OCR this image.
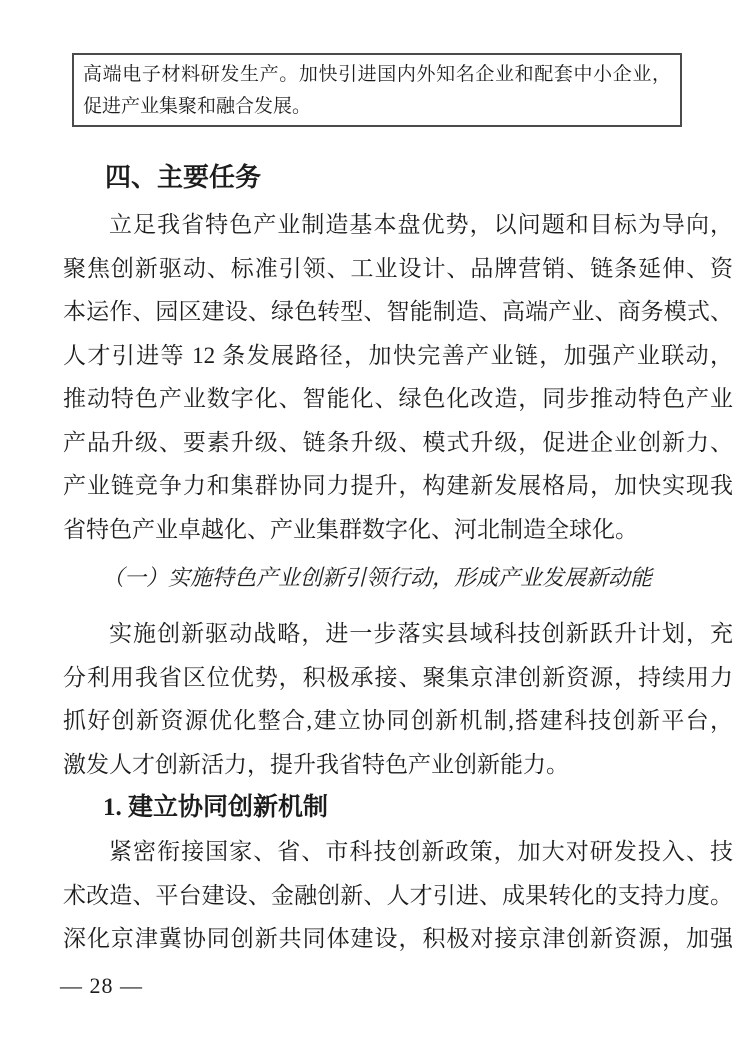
高端电子材料研发生产。加快引进国内外知名企业和配套中小企业，
促进产业集聚和融合发展。
四、主要任务
立足我省特色产业制造基本盘优势，以问题和目标为导向，
聚焦创新驱动、标准引领、工业设计、品牌营销、链条延伸、资
本运作、园区建设、绿色转型、智能制造、高端产业、商务模式、
人才引进等 12 条发展路径，加快完善产业链，加强产业联动，
推动特色产业数字化、智能化、绿色化改造，同步推动特色产业
产品升级、要素升级、链条升级、模式升级，促进企业创新力、
产业链竞争力和集群协同力提升，构建新发展格局，加快实现我
省特色产业卓越化、产业集群数字化、河北制造全球化。
（一）实施特色产业创新引领行动，形成产业发展新动能
实施创新驱动战略，进一步落实县域科技创新跃升计划，充
分利用我省区位优势，积极承接、聚集京津创新资源，持续用力
抓好创新资源优化整合,建立协同创新机制,搭建科技创新平台，
激发人才创新活力，提升我省特色产业创新能力。
1. 建立协同创新机制
紧密衔接国家、省、市科技创新政策，加大对研发投入、技
术改造、平台建设、金融创新、人才引进、成果转化的支持力度。
深化京津冀协同创新共同体建设，积极对接京津创新资源，加强
— 28 —
